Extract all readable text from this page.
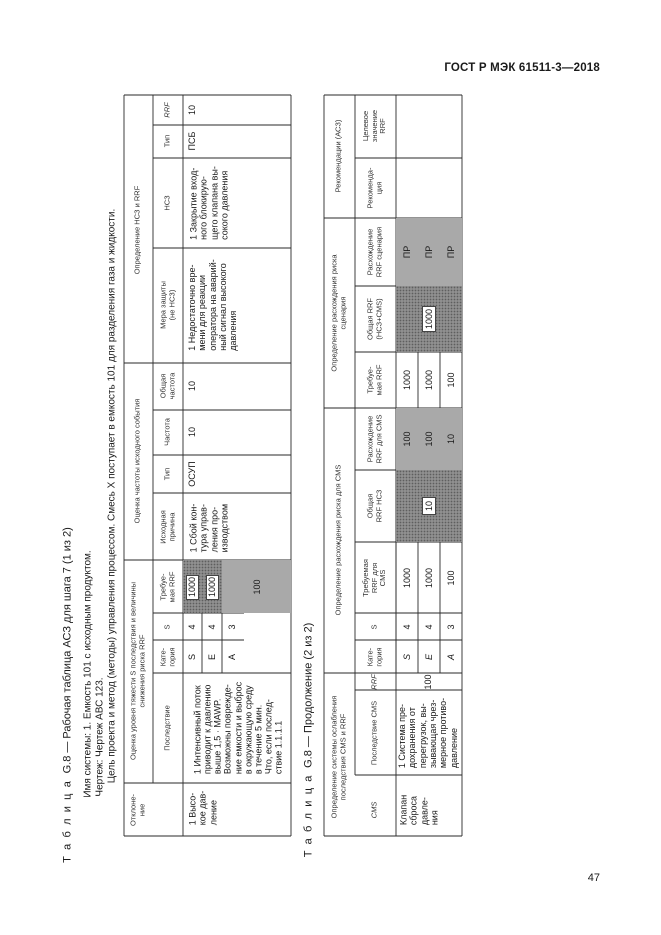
ГОСТ Р МЭК 61511-3—2018
47
Т а б л и ц а  G.8 — Рабочая таблица АСЗ для шага 7 (1 из 2) Имя системы: 1. Емкость 101 с исходным продуктом. Чертеж: Чертеж АВС 123. Цель проекта и метод (методы) управления процессом. Смесь Х поступает в емкость 101 для разделения газа и жидкости.
Отклоне- ние
Оценка уровня тяжести S последствия и величины снижения риска RRF
Последствие
Кате- гория
S
Требуе- мая RRF
Оценка частоты исходного события
Исходная причина
Тип
Частота
Общая частота
Определение НСЗ и RRF
Мера защиты (не НСЗ)
НСЗ
Тип
RRF
1 Высо- кое дав- ление
1 Интенсивный поток приводит к давлению выше 1,5 · MAWP. Возможны поврежде- ние емкости и выброс в окружающую среду в течение 5 мин. Что, если послед- ствие 1.1.1.1
S E A
4 4 3
1000 1000	100
1 Сбой кон- тура управ- ления про- изводством
ОСУП
10
10
1 Недостаточно вре- мени для реакции оператора на аварий- ный сигнал высокого давления
1 Закрытие вход- ного блокирую- щего клапана вы- сокого давления
ПСБ
10
Т а б л и ц а  G.8 — Продолжение (2 из 2) Определение системы ослабления последствия CMS и RRF
CMS
Последствие CMS
RRF
Определение расхождения риска для CMS
Кате- гория
S
Требуемая RRF для CMS
Общая RRF НСЗ
Расхождение RRF для CMS
Определение расхождения риска сценария
Требуе- мая RRF
Общая RRF (НСЗ+CMS)
Расхождение RRF сценария
Рекомендации (АСЗ)	Рекоменда- ция
Целевое значение RRF
Клапан сброса давле- ния
1 Система пре- дохранения от перегрузок, вы- зывающая чрез- мерное противо- давление
100
S E A
4 4 3
1000 1000 100
10
100 100 10
1000 1000 100
1000
ПР ПР ПР
